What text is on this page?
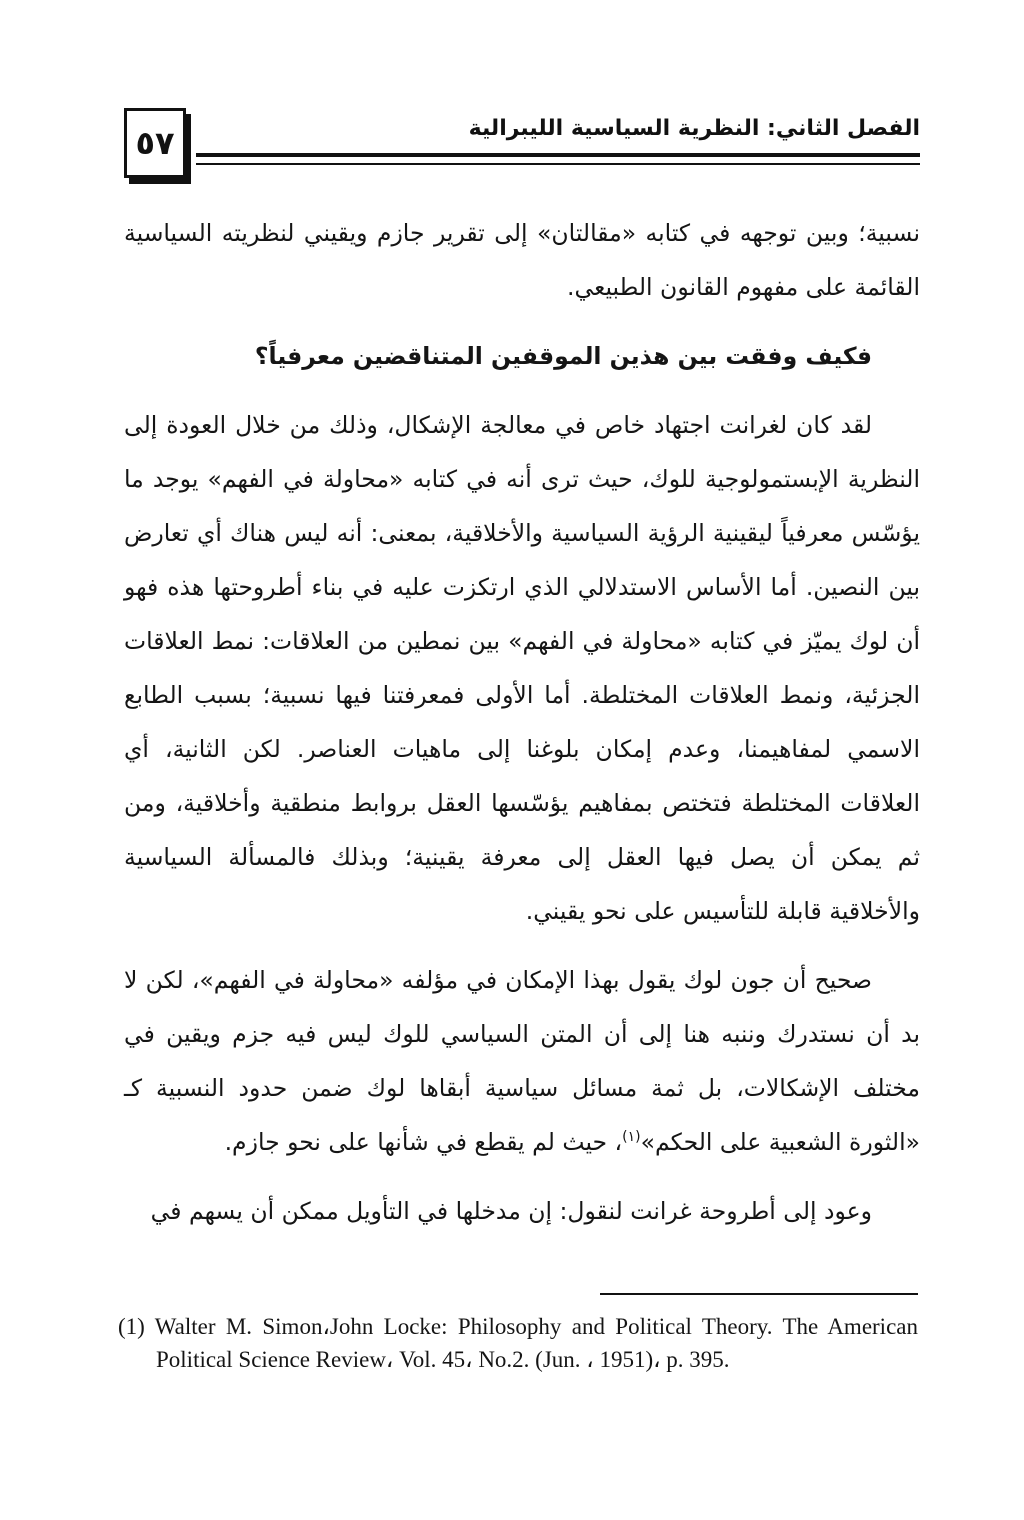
٥٧	الفصل الثاني: النظرية السياسية الليبرالية

نسبية؛ وبين توجهه في كتابه «مقالتان» إلى تقرير جازم ويقيني لنظريته السياسية القائمة على مفهوم القانون الطبيعي.

فكيف وفقت بين هذين الموقفين المتناقضين معرفياً؟

لقد كان لغرانت اجتهاد خاص في معالجة الإشكال، وذلك من خلال العودة إلى النظرية الإبستمولوجية للوك، حيث ترى أنه في كتابه «محاولة في الفهم» يوجد ما يؤسّس معرفياً ليقينية الرؤية السياسية والأخلاقية، بمعنى: أنه ليس هناك أي تعارض بين النصين. أما الأساس الاستدلالي الذي ارتكزت عليه في بناء أطروحتها هذه فهو أن لوك يميّز في كتابه «محاولة في الفهم» بين نمطين من العلاقات: نمط العلاقات الجزئية، ونمط العلاقات المختلطة. أما الأولى فمعرفتنا فيها نسبية؛ بسبب الطابع الاسمي لمفاهيمنا، وعدم إمكان بلوغنا إلى ماهيات العناصر. لكن الثانية، أي العلاقات المختلطة فتختص بمفاهيم يؤسّسها العقل بروابط منطقية وأخلاقية، ومن ثم يمكن أن يصل فيها العقل إلى معرفة يقينية؛ وبذلك فالمسألة السياسية والأخلاقية قابلة للتأسيس على نحو يقيني.

صحيح أن جون لوك يقول بهذا الإمكان في مؤلفه «محاولة في الفهم»، لكن لا بد أن نستدرك وننبه هنا إلى أن المتن السياسي للوك ليس فيه جزم ويقين في مختلف الإشكالات، بل ثمة مسائل سياسية أبقاها لوك ضمن حدود النسبية كـ «الثورة الشعبية على الحكم»$^{(١)}$، حيث لم يقطع في شأنها على نحو جازم.

وعود إلى أطروحة غرانت لنقول: إن مدخلها في التأويل ممكن أن يسهم في

(1) Walter M. Simon،John Locke: Philosophy and Political Theory. The American Political Science Review، Vol. 45، No.2. (Jun. ، 1951)، p. 395.
